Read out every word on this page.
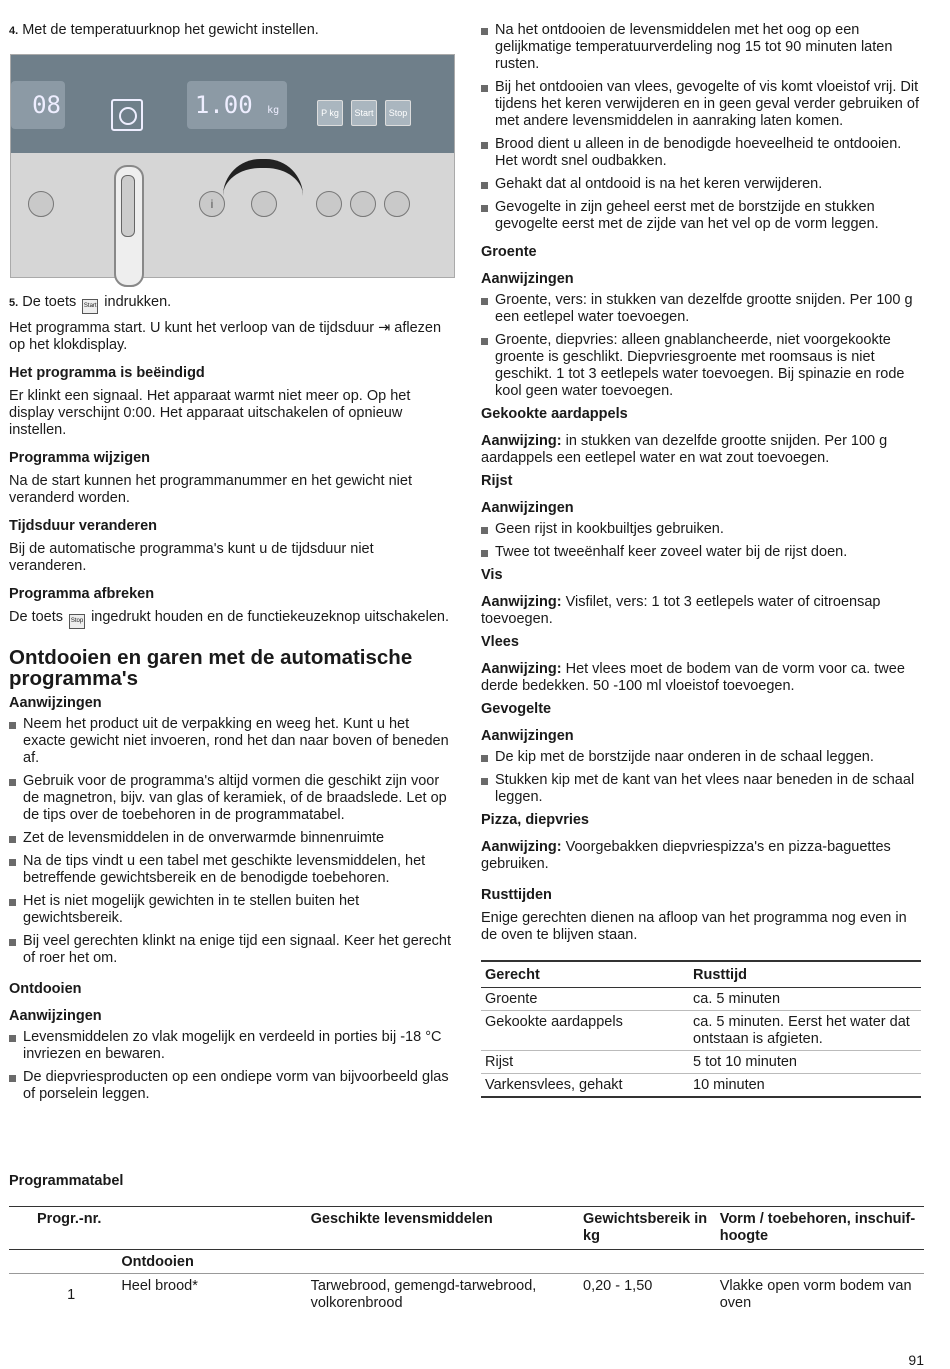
4. Met de temperatuurknop het gewicht instellen.

08	1.00 kg	P kg	Start	Stop
i

5. De toets Start indrukken.

Het programma start. U kunt het verloop van de tijdsduur ⇥ aflezen op het klokdisplay.

Het programma is beëindigd

Er klinkt een signaal. Het apparaat warmt niet meer op. Op het display verschijnt 0:00. Het apparaat uitschakelen of opnieuw instellen.

Programma wijzigen

Na de start kunnen het programmanummer en het gewicht niet veranderd worden.

Tijdsduur veranderen

Bij de automatische programma's kunt u de tijdsduur niet veranderen.

Programma afbreken

De toets Stop ingedrukt houden en de functiekeuzeknop uitschakelen.

Ontdooien en garen met de automatische programma's
Aanwijzingen
Neem het product uit de verpakking en weeg het. Kunt u het exacte gewicht niet invoeren, rond het dan naar boven of beneden af.
Gebruik voor de programma's altijd vormen die geschikt zijn voor de magnetron, bijv. van glas of keramiek, of de braadslede. Let op de tips over de toebehoren in de programmatabel.
Zet de levensmiddelen in de onverwarmde binnenruimte
Na de tips vindt u een tabel met geschikte levensmiddelen, het betreffende gewichtsbereik en de benodigde toebehoren.
Het is niet mogelijk gewichten in te stellen buiten het gewichtsbereik.
Bij veel gerechten klinkt na enige tijd een signaal. Keer het gerecht of roer het om.
Ontdooien
Aanwijzingen
Levensmiddelen zo vlak mogelijk en verdeeld in porties bij -18 °C invriezen en bewaren.
De diepvriesproducten op een ondiepe vorm van bijvoorbeeld glas of porselein leggen.
Na het ontdooien de levensmiddelen met het oog op een gelijkmatige temperatuurverdeling nog 15 tot 90 minuten laten rusten.
Bij het ontdooien van vlees, gevogelte of vis komt vloeistof vrij. Dit tijdens het keren verwijderen en in geen geval verder gebruiken of met andere levensmiddelen in aanraking laten komen.
Brood dient u alleen in de benodigde hoeveelheid te ontdooien. Het wordt snel oudbakken.
Gehakt dat al ontdooid is na het keren verwijderen.
Gevogelte in zijn geheel eerst met de borstzijde en stukken gevogelte eerst met de zijde van het vel op de vorm leggen.
Groente
Aanwijzingen
Groente, vers: in stukken van dezelfde grootte snijden. Per 100 g een eetlepel water toevoegen.
Groente, diepvries: alleen gnablancheerde, niet voorgekookte groente is geschlikt. Diepvriesgroente met roomsaus is niet geschikt. 1 tot 3 eetlepels water toevoegen. Bij spinazie en rode kool geen water toevoegen.
Gekookte aardappels

Aanwijzing: in stukken van dezelfde grootte snijden. Per 100 g aardappels een eetlepel water en wat zout toevoegen.

Rijst
Aanwijzingen
Geen rijst in kookbuiltjes gebruiken.
Twee tot tweeënhalf keer zoveel water bij de rijst doen.
Vis

Aanwijzing: Visfilet, vers: 1 tot 3 eetlepels water of citroensap toevoegen.

Vlees

Aanwijzing: Het vlees moet de bodem van de vorm voor ca. twee derde bedekken. 50 -100 ml vloeistof toevoegen.

Gevogelte
Aanwijzingen
De kip met de borstzijde naar onderen in de schaal leggen.
Stukken kip met de kant van het vlees naar beneden in de schaal leggen.
Pizza, diepvries

Aanwijzing: Voorgebakken diepvriespizza's en pizza-baguettes gebruiken.

Rusttijden

Enige gerechten dienen na afloop van het programma nog even in de oven te blijven staan.

Gerecht	Rusttijd
Groente	ca. 5 minuten
Gekookte aardappels	ca. 5 minuten. Eerst het water dat ontstaan is afgieten.
Rijst	5 tot 10 minuten
Varkensvlees, gehakt	10 minuten
Programmatabel
Progr.-nr.		Geschikte levensmiddelen	Gewichtsbereik in kg	Vorm / toebehoren, inschuif-hoogte
	Ontdooien			
1	Heel brood*	Tarwebrood, gemengd-tarwebrood, volkorenbrood	0,20 - 1,50	Vlakke open vorm bodem van oven
91
